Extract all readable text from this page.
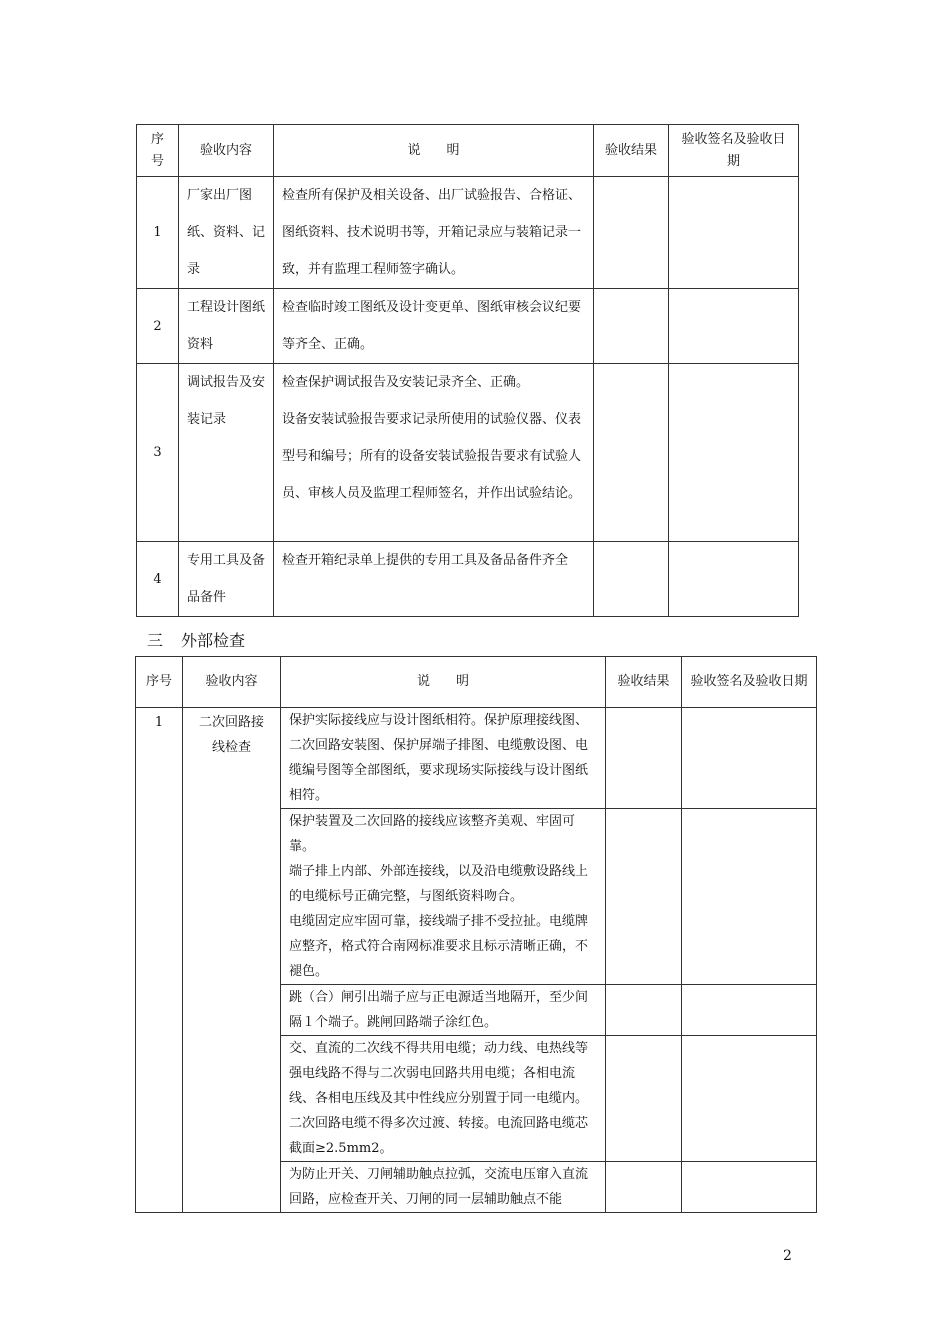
序号	验收内容	说　　明	验收结果	验收签名及验收日期
1	厂家出厂图纸、资料、记录	检查所有保护及相关设备、出厂试验报告、合格证、图纸资料、技术说明书等，开箱记录应与装箱记录一致，并有监理工程师签字确认。		
2	工程设计图纸资料	检查临时竣工图纸及设计变更单、图纸审核会议纪要等齐全、正确。		
3	调试报告及安装记录	检查保护调试报告及安装记录齐全、正确。
设备安装试验报告要求记录所使用的试验仪器、仪表型号和编号；所有的设备安装试验报告要求有试验人员、审核人员及监理工程师签名，并作出试验结论。		

4	专用工具及备品备件	检查开箱纪录单上提供的专用工具及备品备件齐全		
三 外部检查
序号	验收内容	说　　明	验收结果	验收签名及验收日期
1	二次回路接线检查	保护实际接线应与设计图纸相符。保护原理接线图、二次回路安装图、保护屏端子排图、电缆敷设图、电缆编号图等全部图纸，要求现场实际接线与设计图纸相符。		

		保护装置及二次回路的接线应该整齐美观、牢固可靠。
端子排上内部、外部连接线，以及沿电缆敷设路线上的电缆标号正确完整，与图纸资料吻合。
电缆固定应牢固可靠，接线端子排不受拉扯。电缆牌应整齐，格式符合南网标准要求且标示清晰正确，不褪色。		

		跳（合）闸引出端子应与正电源适当地隔开，至少间隔１个端子。跳闸回路端子涂红色。		
		交、直流的二次线不得共用电缆；动力线、电热线等强电线路不得与二次弱电回路共用电缆；各相电流线、各相电压线及其中性线应分别置于同一电缆内。二次回路电缆不得多次过渡、转接。电流回路电缆芯截面≥2.5mm2。		
		为防止开关、刀闸辅助触点拉弧，交流电压窜入直流回路，应检查开关、刀闸的同一层辅助触点不能		
2
